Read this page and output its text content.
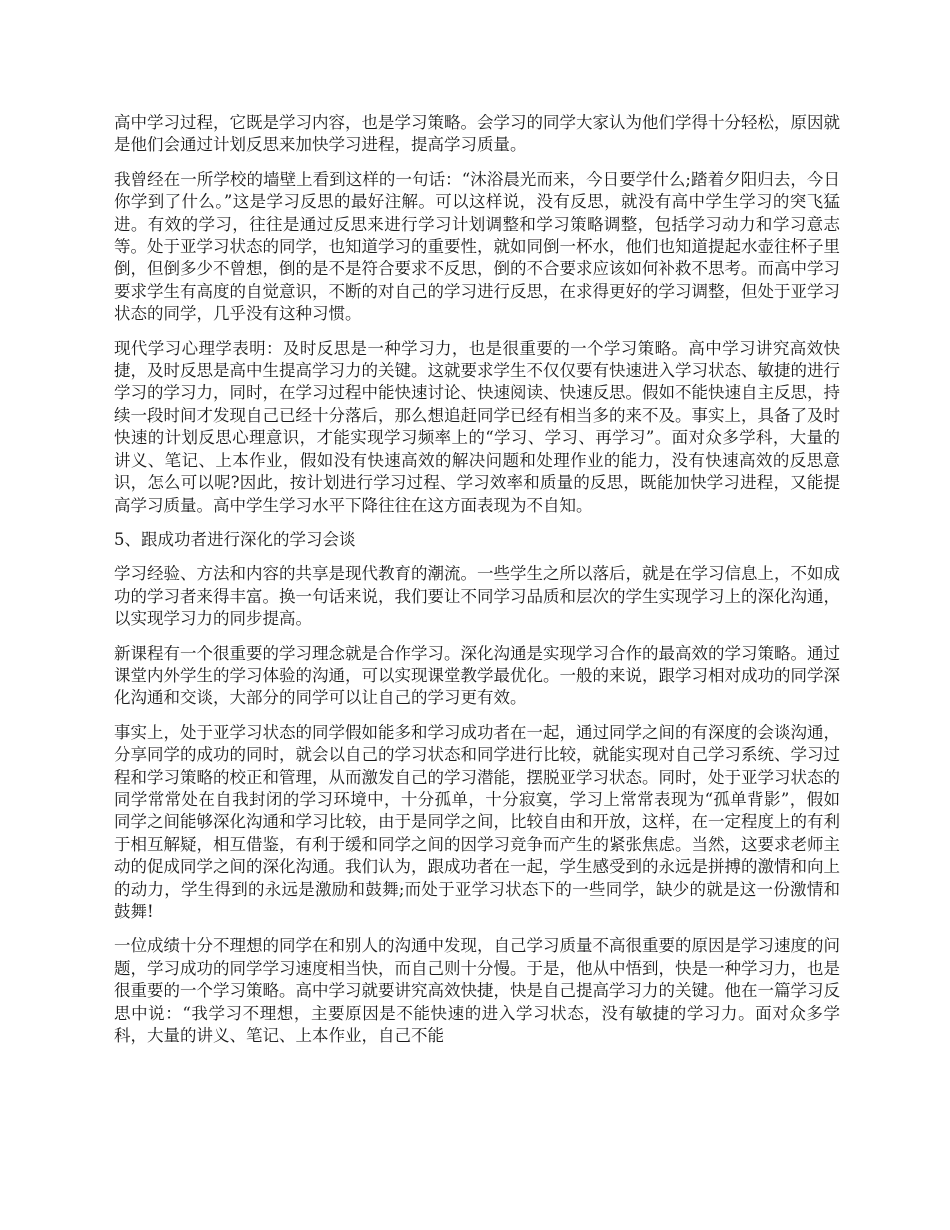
高中学习过程，它既是学习内容，也是学习策略。会学习的同学大家认为他们学得十分轻松，原因就是他们会通过计划反思来加快学习进程，提高学习质量。

我曾经在一所学校的墙壁上看到这样的一句话：“沐浴晨光而来，今日要学什么;踏着夕阳归去，今日你学到了什么。”这是学习反思的最好注解。可以这样说，没有反思，就没有高中学生学习的突飞猛进。有效的学习，往往是通过反思来进行学习计划调整和学习策略调整，包括学习动力和学习意志等。处于亚学习状态的同学，也知道学习的重要性，就如同倒一杯水，他们也知道提起水壶往杯子里倒，但倒多少不曾想，倒的是不是符合要求不反思，倒的不合要求应该如何补救不思考。而高中学习要求学生有高度的自觉意识，不断的对自己的学习进行反思，在求得更好的学习调整，但处于亚学习状态的同学，几乎没有这种习惯。

现代学习心理学表明：及时反思是一种学习力，也是很重要的一个学习策略。高中学习讲究高效快捷，及时反思是高中生提高学习力的关键。这就要求学生不仅仅要有快速进入学习状态、敏捷的进行学习的学习力，同时，在学习过程中能快速讨论、快速阅读、快速反思。假如不能快速自主反思，持续一段时间才发现自己已经十分落后，那么想追赶同学已经有相当多的来不及。事实上，具备了及时快速的计划反思心理意识，才能实现学习频率上的“学习、学习、再学习”。面对众多学科，大量的讲义、笔记、上本作业，假如没有快速高效的解决问题和处理作业的能力，没有快速高效的反思意识，怎么可以呢?因此，按计划进行学习过程、学习效率和质量的反思，既能加快学习进程，又能提高学习质量。高中学生学习水平下降往往在这方面表现为不自知。

5、跟成功者进行深化的学习会谈

学习经验、方法和内容的共享是现代教育的潮流。一些学生之所以落后，就是在学习信息上，不如成功的学习者来得丰富。换一句话来说，我们要让不同学习品质和层次的学生实现学习上的深化沟通，以实现学习力的同步提高。

新课程有一个很重要的学习理念就是合作学习。深化沟通是实现学习合作的最高效的学习策略。通过课堂内外学生的学习体验的沟通，可以实现课堂教学最优化。一般的来说，跟学习相对成功的同学深化沟通和交谈，大部分的同学可以让自己的学习更有效。

事实上，处于亚学习状态的同学假如能多和学习成功者在一起，通过同学之间的有深度的会谈沟通，分享同学的成功的同时，就会以自己的学习状态和同学进行比较，就能实现对自己学习系统、学习过程和学习策略的校正和管理，从而激发自己的学习潜能，摆脱亚学习状态。同时，处于亚学习状态的同学常常处在自我封闭的学习环境中，十分孤单，十分寂寞，学习上常常表现为“孤单背影”，假如同学之间能够深化沟通和学习比较，由于是同学之间，比较自由和开放，这样，在一定程度上的有利于相互解疑，相互借鉴，有利于缓和同学之间的因学习竞争而产生的紧张焦虑。当然，这要求老师主动的促成同学之间的深化沟通。我们认为，跟成功者在一起，学生感受到的永远是拼搏的激情和向上的动力，学生得到的永远是激励和鼓舞;而处于亚学习状态下的一些同学，缺少的就是这一份激情和鼓舞!

一位成绩十分不理想的同学在和别人的沟通中发现，自己学习质量不高很重要的原因是学习速度的问题，学习成功的同学学习速度相当快，而自己则十分慢。于是，他从中悟到，快是一种学习力，也是很重要的一个学习策略。高中学习就要讲究高效快捷，快是自己提高学习力的关键。他在一篇学习反思中说：“我学习不理想，主要原因是不能快速的进入学习状态，没有敏捷的学习力。面对众多学科，大量的讲义、笔记、上本作业，自己不能
